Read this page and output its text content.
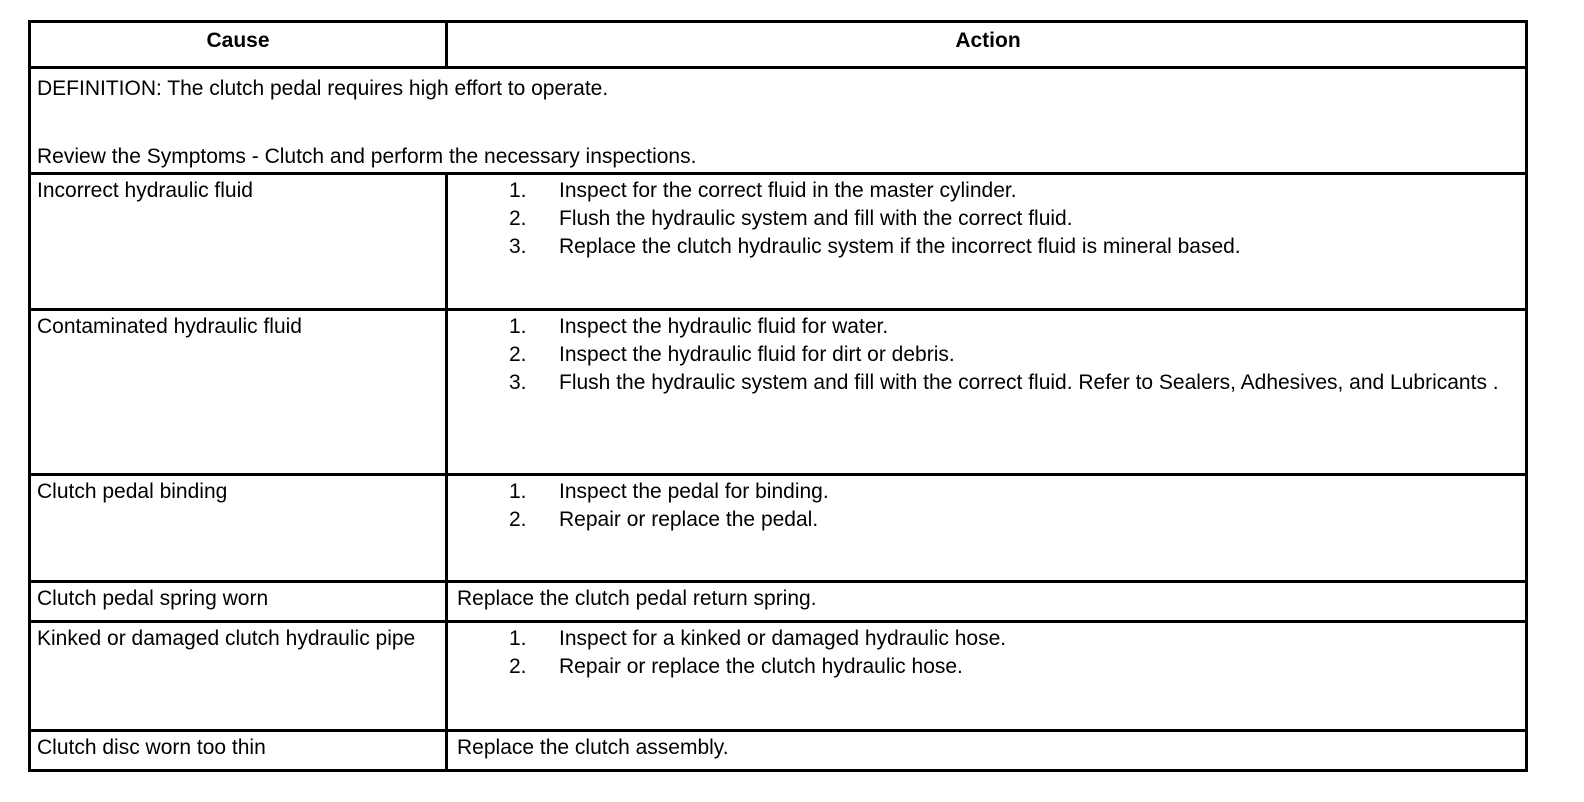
Cause	Action
DEFINITION: The clutch pedal requires high effort to operate.
Review the Symptoms - Clutch and perform the necessary inspections.
Incorrect hydraulic fluid	1. Inspect for the correct fluid in the master cylinder.
2. Flush the hydraulic system and fill with the correct fluid.
3. Replace the clutch hydraulic system if the incorrect fluid is mineral based.
Contaminated hydraulic fluid	1. Inspect the hydraulic fluid for water.
2. Inspect the hydraulic fluid for dirt or debris.
3. Flush the hydraulic system and fill with the correct fluid. Refer to Sealers, Adhesives, and Lubricants .
Clutch pedal binding	1. Inspect the pedal for binding.
2. Repair or replace the pedal.
Clutch pedal spring worn	Replace the clutch pedal return spring.
Kinked or damaged clutch hydraulic pipe	1. Inspect for a kinked or damaged hydraulic hose.
2. Repair or replace the clutch hydraulic hose.
Clutch disc worn too thin	Replace the clutch assembly.
